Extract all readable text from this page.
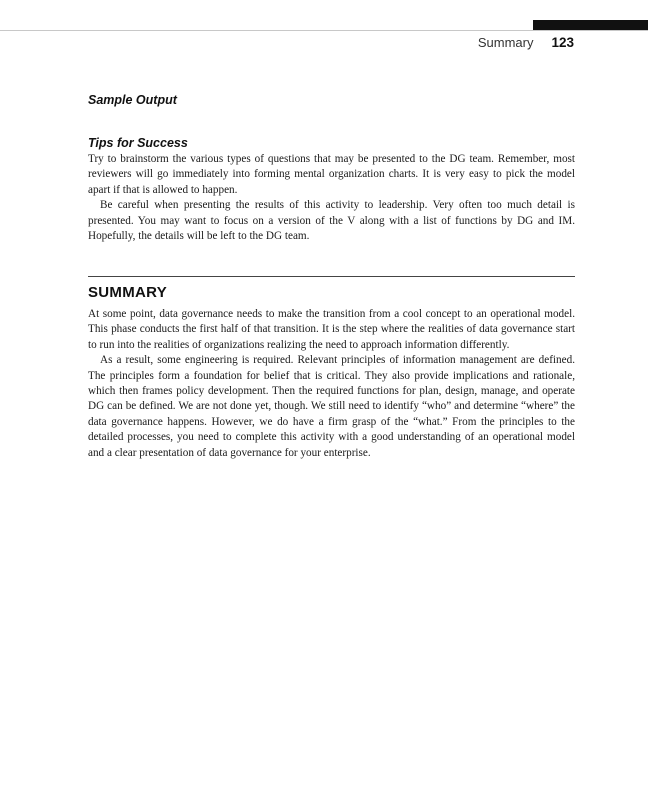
Summary 123
Sample Output
Tips for Success

Try to brainstorm the various types of questions that may be presented to the DG team. Remember, most reviewers will go immediately into forming mental organization charts. It is very easy to pick the model apart if that is allowed to happen.

Be careful when presenting the results of this activity to leadership. Very often too much detail is presented. You may want to focus on a version of the V along with a list of functions by DG and IM. Hopefully, the details will be left to the DG team.

SUMMARY

At some point, data governance needs to make the transition from a cool concept to an operational model. This phase conducts the first half of that transition. It is the step where the realities of data governance start to run into the realities of organizations realizing the need to approach information differently.

As a result, some engineering is required. Relevant principles of information management are defined. The principles form a foundation for belief that is critical. They also provide implications and rationale, which then frames policy development. Then the required functions for plan, design, manage, and operate DG can be defined. We are not done yet, though. We still need to identify “who” and determine “where” the data governance happens. However, we do have a firm grasp of the “what.” From the principles to the detailed processes, you need to complete this activity with a good understanding of an operational model and a clear presentation of data governance for your enterprise.
